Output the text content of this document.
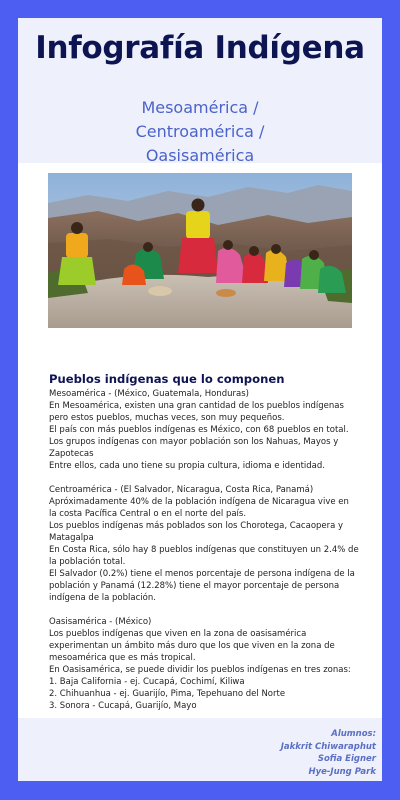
Infografía Indígena
Mesoamérica /
Centroamérica /
Oasisamérica
Pueblos indígenas que lo componen

Mesoamérica - (México, Guatemala, Honduras)

En Mesoamérica, existen una gran cantidad de los pueblos indígenas pero estos pueblos, muchas veces, son muy pequeños.

El país con más pueblos indígenas es México, con 68 pueblos en total.

Los grupos indígenas con mayor población son los Nahuas, Mayos y Zapotecas

Entre ellos, cada uno tiene su propia cultura, idioma e identidad.

Centroamérica - (El Salvador, Nicaragua, Costa Rica, Panamá)

Apróximadamente 40% de la población indígena de Nicaragua vive en la costa Pacífica Central o en el norte del país.

Los pueblos indígenas más poblados son los Chorotega, Cacaopera y Matagalpa

En Costa Rica, sólo hay 8 pueblos indígenas que constituyen un 2.4% de la población total.

El Salvador (0.2%) tiene el menos porcentaje de persona indígena de la población y Panamá (12.28%) tiene el mayor porcentaje de persona indígena de la población.

Oasisamérica - (México)

Los pueblos indígenas que viven en la zona de oasisamérica experimentan un ámbito más duro que los que viven en la zona de mesoamérica que es más tropical.

En Oasisamérica, se puede dividir los pueblos indígenas en tres zonas:

1. Baja California - ej. Cucapá, Cochimí, Kiliwa

2. Chihuanhua - ej. Guarijío, Pima, Tepehuano del Norte

3. Sonora - Cucapá, Guarijío, Mayo

Alumnos:
Jakkrit Chiwaraphut
Sofia Eigner
Hye-Jung Park
